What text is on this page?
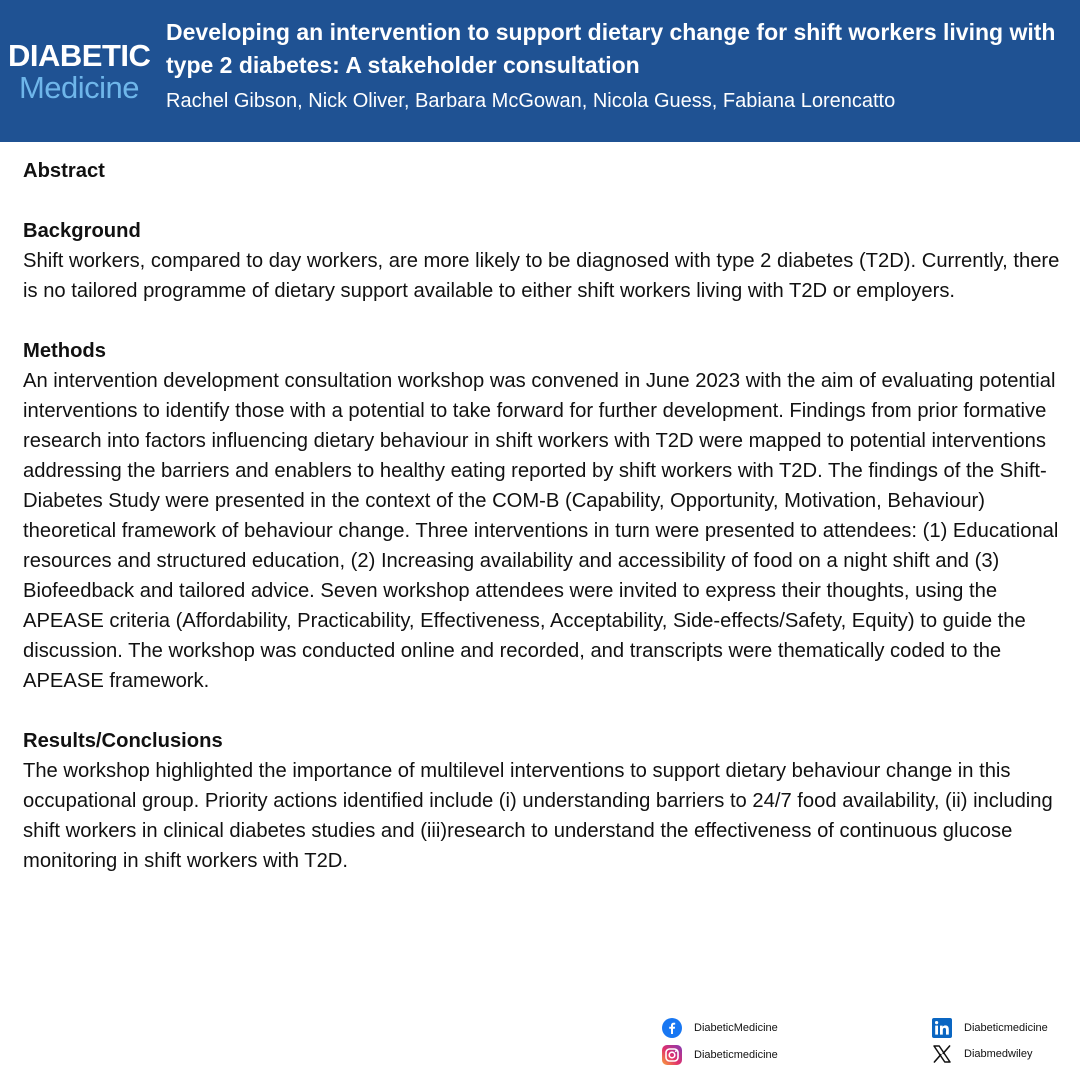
DIABETIC
Medicine
Developing an intervention to support dietary change for shift workers living with type 2 diabetes: A stakeholder consultation
Rachel Gibson, Nick Oliver, Barbara McGowan, Nicola Guess, Fabiana Lorencatto

Abstract

Background

Shift workers, compared to day workers, are more likely to be diagnosed with type 2 diabetes (T2D). Currently, there is no tailored programme of dietary support available to either shift workers living with T2D or employers.

Methods

An intervention development consultation workshop was convened in June 2023 with the aim of evaluating potential interventions to identify those with a potential to take forward for further development. Findings from prior formative research into factors influencing dietary behaviour in shift workers with T2D were mapped to potential interventions addressing the barriers and enablers to healthy eating reported by shift workers with T2D. The findings of the Shift-Diabetes Study were presented in the context of the COM-B (Capability, Opportunity, Motivation, Behaviour) theoretical framework of behaviour change. Three interventions in turn were presented to attendees: (1) Educational resources and structured education, (2) Increasing availability and accessibility of food on a night shift and (3) Biofeedback and tailored advice. Seven workshop attendees were invited to express their thoughts, using the APEASE criteria (Affordability, Practicability, Effectiveness, Acceptability, Side-effects/Safety, Equity) to guide the discussion. The workshop was conducted online and recorded, and transcripts were thematically coded to the APEASE framework.

Results/Conclusions

The workshop highlighted the importance of multilevel interventions to support dietary behaviour change in this occupational group. Priority actions identified include (i) understanding barriers to 24/7 food availability, (ii) including shift workers in clinical diabetes studies and (iii)research to understand the effectiveness of continuous glucose monitoring in shift workers with T2D.

DiabeticMedicine
Diabeticmedicine
Diabeticmedicine
Diabmedwiley
